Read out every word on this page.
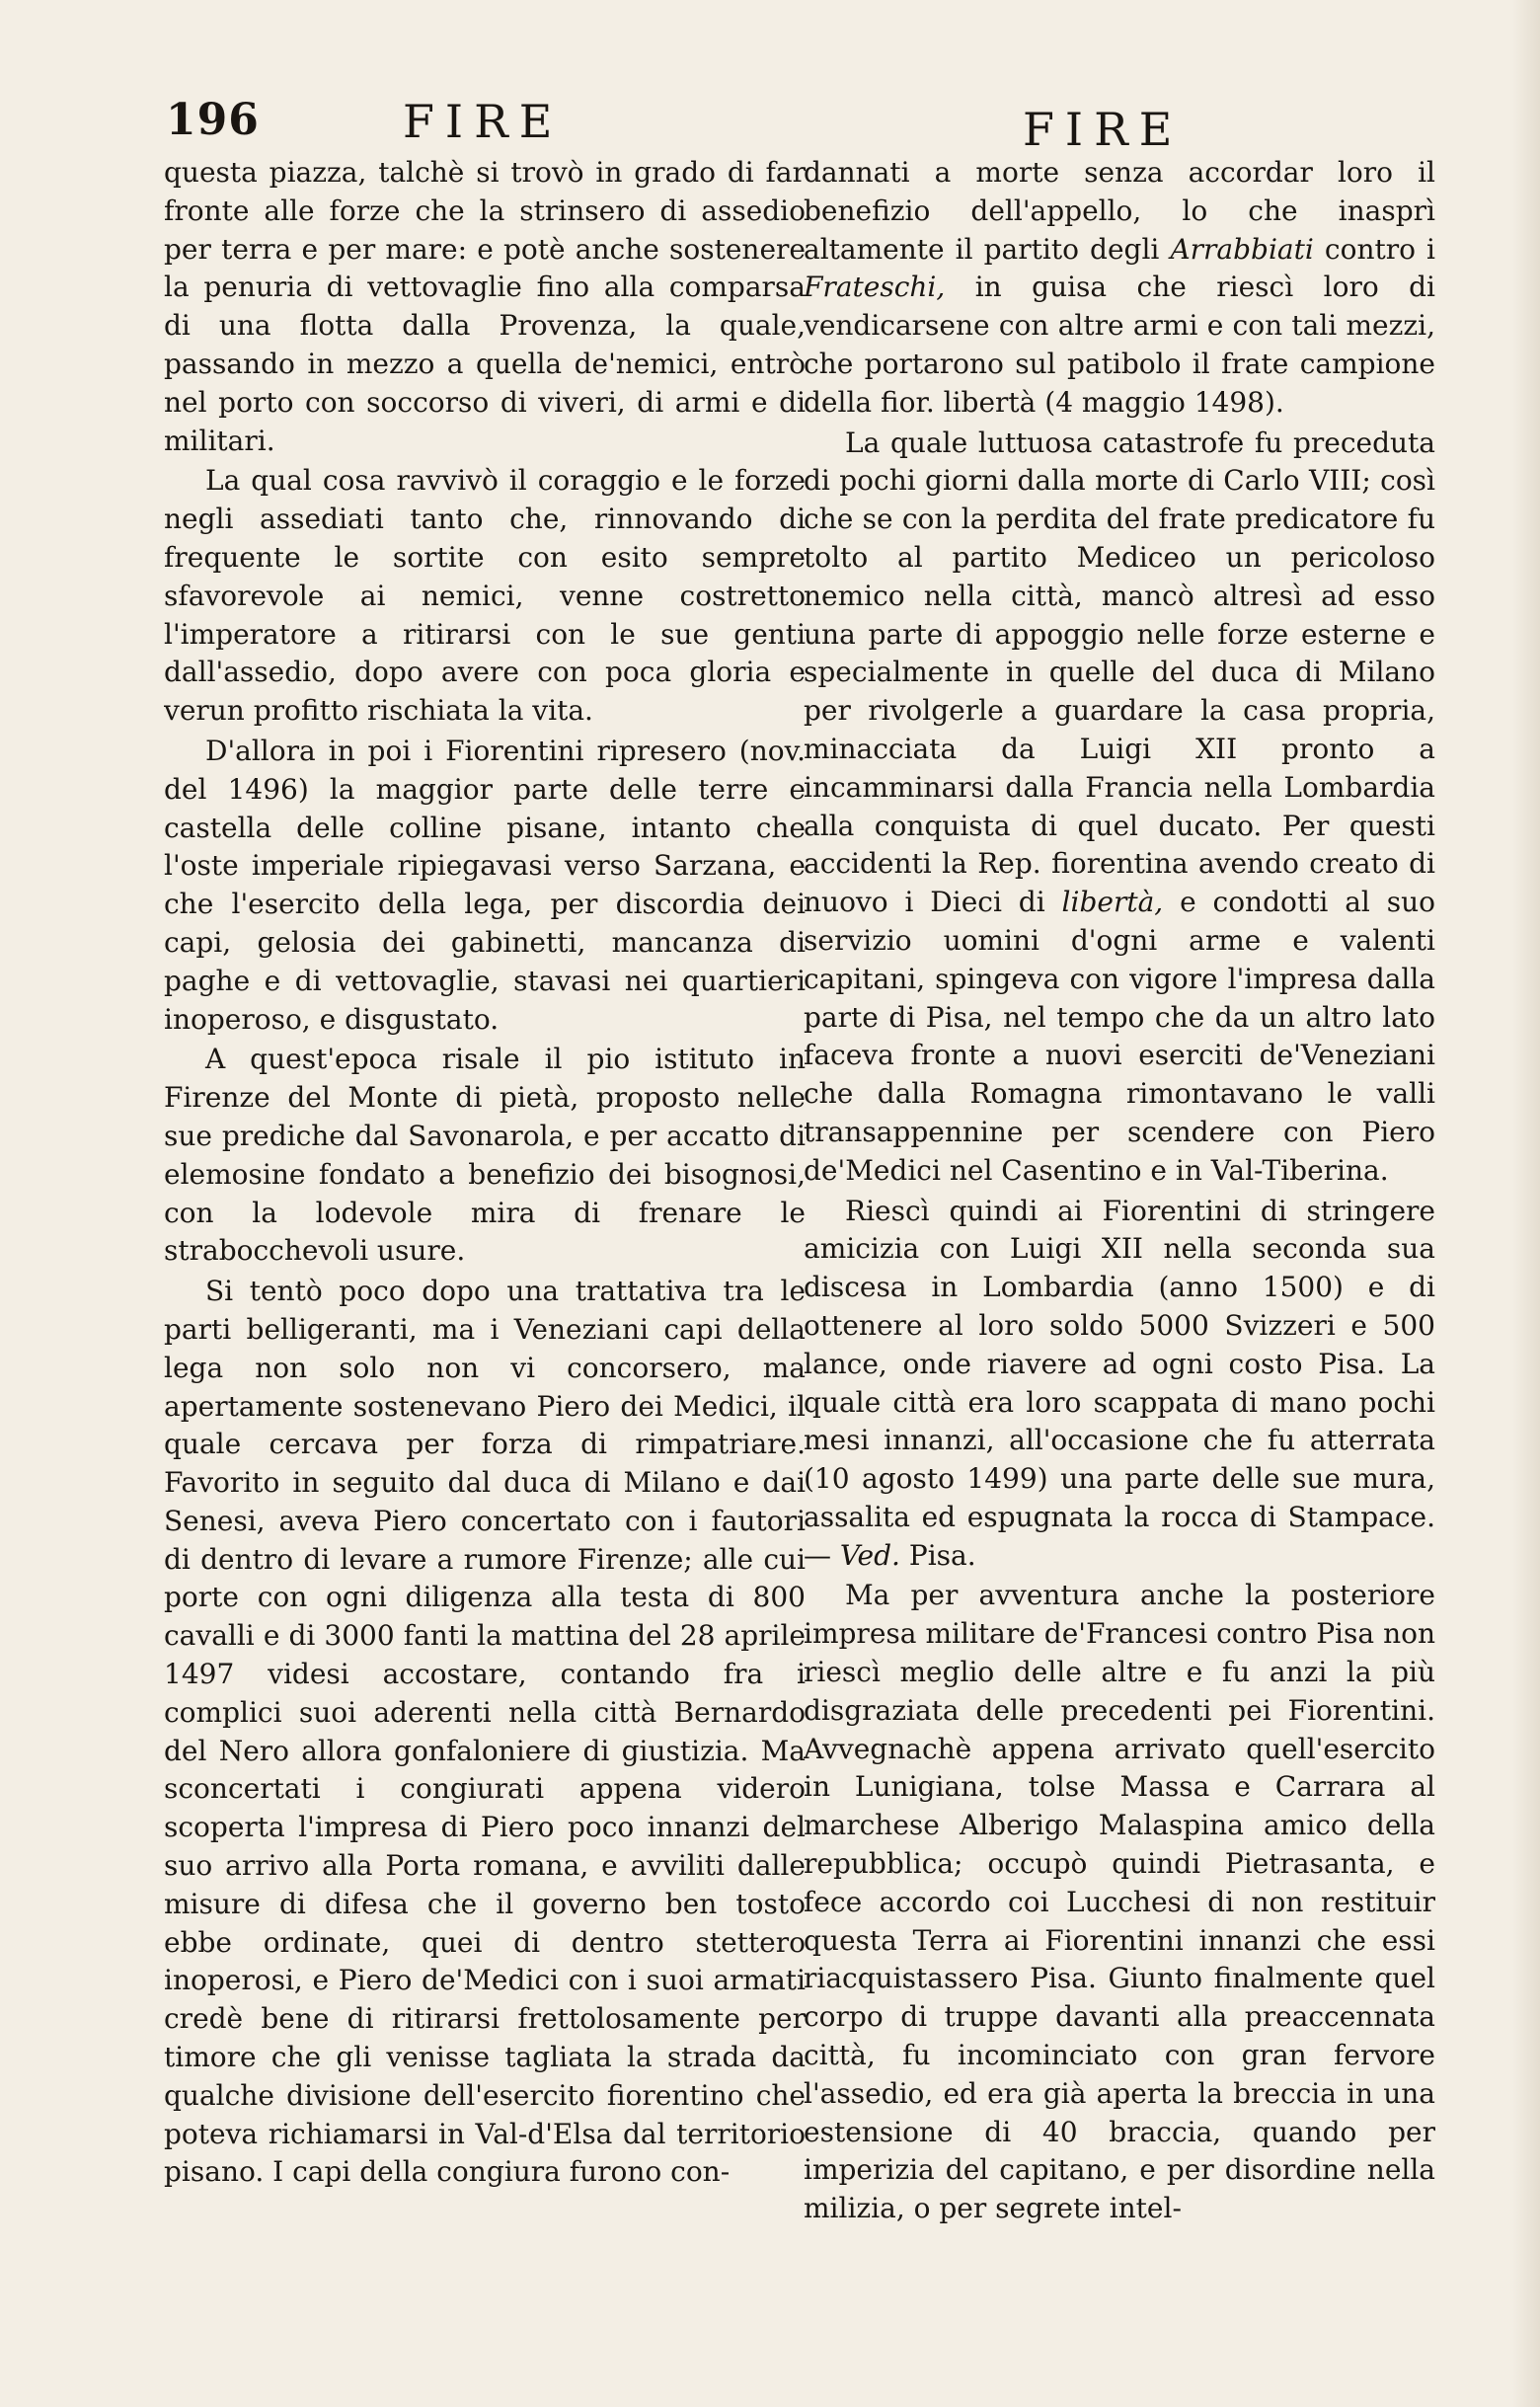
196	FIRE	FIRE

questa piazza, talchè si trovò in grado di far fronte alle forze che la strinsero di assedio per terra e per mare: e potè anche sostenere la penuria di vettovaglie fino alla comparsa di una flotta dalla Provenza, la quale, passando in mezzo a quella de'nemici, entrò nel porto con soccorso di viveri, di armi e di militari.

La qual cosa ravvivò il coraggio e le forze negli assediati tanto che, rinnovando di frequente le sortite con esito sempre sfavorevole ai nemici, venne costretto l'imperatore a ritirarsi con le sue genti dall'assedio, dopo avere con poca gloria e verun profitto rischiata la vita.

D'allora in poi i Fiorentini ripresero (nov. del 1496) la maggior parte delle terre e castella delle colline pisane, intanto che l'oste imperiale ripiegavasi verso Sarzana, e che l'esercito della lega, per discordia dei capi, gelosia dei gabinetti, mancanza di paghe e di vettovaglie, stavasi nei quartieri inoperoso, e disgustato.

A quest'epoca risale il pio istituto in Firenze del Monte di pietà, proposto nelle sue prediche dal Savonarola, e per accatto di elemosine fondato a benefizio dei bisognosi, con la lodevole mira di frenare le strabocchevoli usure.

Si tentò poco dopo una trattativa tra le parti belligeranti, ma i Veneziani capi della lega non solo non vi concorsero, ma apertamente sostenevano Piero dei Medici, il quale cercava per forza di rimpatriare. Favorito in seguito dal duca di Milano e dai Senesi, aveva Piero concertato con i fautori di dentro di levare a rumore Firenze; alle cui porte con ogni diligenza alla testa di 800 cavalli e di 3000 fanti la mattina del 28 aprile 1497 videsi accostare, contando fra i complici suoi aderenti nella città Bernardo del Nero allora gonfaloniere di giustizia. Ma sconcertati i congiurati appena videro scoperta l'impresa di Piero poco innanzi del suo arrivo alla Porta romana, e avviliti dalle misure di difesa che il governo ben tosto ebbe ordinate, quei di dentro stettero inoperosi, e Piero de'Medici con i suoi armati credè bene di ritirarsi frettolosamente per timore che gli venisse tagliata la strada da qualche divisione dell'esercito fiorentino che poteva richiamarsi in Val-d'Elsa dal territorio pisano. I capi della congiura furono con-

dannati a morte senza accordar loro il benefizio dell'appello, lo che inasprì altamente il partito degli Arrabbiati contro i Frateschi, in guisa che riescì loro di vendicarsene con altre armi e con tali mezzi, che portarono sul patibolo il frate campione della fior. libertà (4 maggio 1498).

La quale luttuosa catastrofe fu preceduta di pochi giorni dalla morte di Carlo VIII; così che se con la perdita del frate predicatore fu tolto al partito Mediceo un pericoloso nemico nella città, mancò altresì ad esso una parte di appoggio nelle forze esterne e specialmente in quelle del duca di Milano per rivolgerle a guardare la casa propria, minacciata da Luigi XII pronto a incamminarsi dalla Francia nella Lombardia alla conquista di quel ducato. Per questi accidenti la Rep. fiorentina avendo creato di nuovo i Dieci di libertà, e condotti al suo servizio uomini d'ogni arme e valenti capitani, spingeva con vigore l'impresa dalla parte di Pisa, nel tempo che da un altro lato faceva fronte a nuovi eserciti de'Veneziani che dalla Romagna rimontavano le valli transappennine per scendere con Piero de'Medici nel Casentino e in Val-Tiberina.

Riescì quindi ai Fiorentini di stringere amicizia con Luigi XII nella seconda sua discesa in Lombardia (anno 1500) e di ottenere al loro soldo 5000 Svizzeri e 500 lance, onde riavere ad ogni costo Pisa. La quale città era loro scappata di mano pochi mesi innanzi, all'occasione che fu atterrata (10 agosto 1499) una parte delle sue mura, assalita ed espugnata la rocca di Stampace. — Ved. Pisa.

Ma per avventura anche la posteriore impresa militare de'Francesi contro Pisa non riescì meglio delle altre e fu anzi la più disgraziata delle precedenti pei Fiorentini. Avvegnachè appena arrivato quell'esercito in Lunigiana, tolse Massa e Carrara al marchese Alberigo Malaspina amico della repubblica; occupò quindi Pietrasanta, e fece accordo coi Lucchesi di non restituir questa Terra ai Fiorentini innanzi che essi riacquistassero Pisa. Giunto finalmente quel corpo di truppe davanti alla preaccennata città, fu incominciato con gran fervore l'assedio, ed era già aperta la breccia in una estensione di 40 braccia, quando per imperizia del capitano, e per disordine nella milizia, o per segrete intel-
